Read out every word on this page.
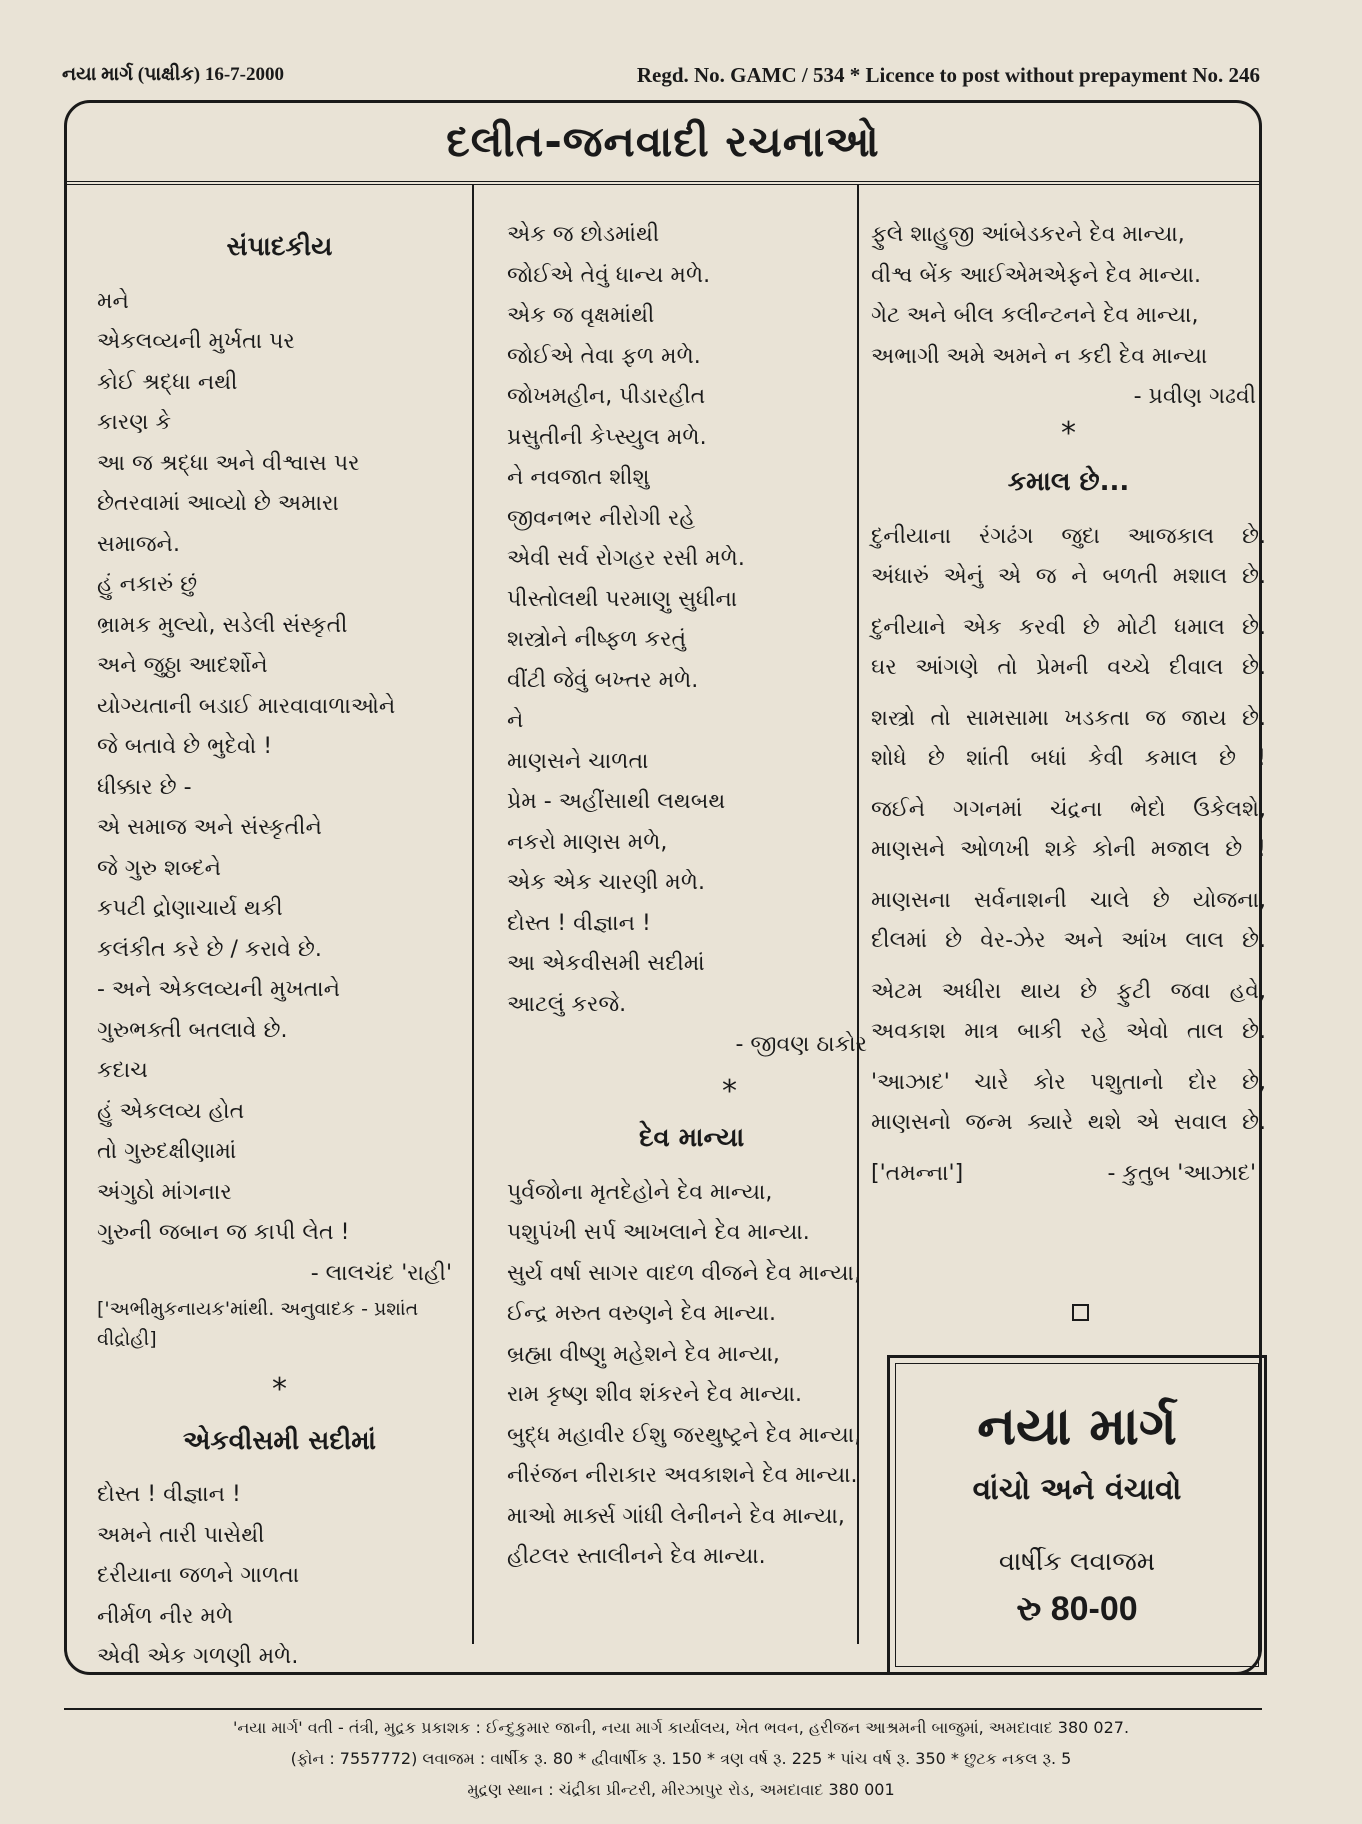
નયા માર્ગ (પાક્ષીક) 16-7-2000	Regd. No. GAMC / 534 * Licence to post without prepayment No. 246
દલીત-જનવાદી રચનાઓ
સંપાદકીય
મને
એકલવ્યની મુર્ખતા પર
કોઈ શ્રદ્ધા નથી
કારણ કે
આ જ શ્રદ્ધા અને વીશ્વાસ પર
છેતરવામાં આવ્યો છે અમારા
સમાજને.
હું નકારું છું
ભ્રામક મુલ્યો, સડેલી સંસ્કૃતી
અને જુઠ્ઠા આદર્શોને
યોગ્યતાની બડાઈ મારવાવાળાઓને
જે બતાવે છે ભુદેવો !
ધીક્કાર છે -
એ સમાજ અને સંસ્કૃતીને
જે ગુરુ શબ્દને
કપટી દ્રોણાચાર્ય થકી
કલંકીત કરે છે / કરાવે છે.
- અને એકલવ્યની મુખતાને
ગુરુભક્તી બતલાવે છે.
કદાચ
હું એકલવ્ય હોત
તો ગુરુદક્ષીણામાં
અંગુઠો માંગનાર
ગુરુની જબાન જ કાપી લેત !
- લાલચંદ 'રાહી'
['અભીમુકનાયક'માંથી. અનુવાદક - પ્રશાંત વીદ્રોહી]
*
એકવીસમી સદીમાં
દોસ્ત ! વીજ્ઞાન !
અમને તારી પાસેથી
દરીયાના જળને ગાળતા
નીર્મળ નીર મળે
એવી એક ગળણી મળે.
એક જ છોડમાંથી
જોઈએ તેવું ધાન્ય મળે.
એક જ વૃક્ષમાંથી
જોઈએ તેવા ફળ મળે.
જોખમહીન, પીડારહીત
પ્રસુતીની કેપ્સ્યુલ મળે.
ને નવજાત શીશુ
જીવનભર નીરોગી રહે
એવી સર્વ રોગહર રસી મળે.
પીસ્તોલથી પરમાણુ સુધીના
શસ્ત્રોને નીષ્ફળ કરતું
વીંટી જેવું બખ્તર મળે.
ને
માણસને ચાળતા
પ્રેમ - અહીંસાથી લથબથ
નકરો માણસ મળે,
એક એક ચારણી મળે.
દોસ્ત ! વીજ્ઞાન !
આ એકવીસમી સદીમાં
આટલું કરજે.
- જીવણ ઠાકોર
*
દેવ માન્યા
પુર્વજોના મૃતદેહોને દેવ માન્યા,
પશુપંખી સર્પ આખલાને દેવ માન્યા.
સુર્ય વર્ષા સાગર વાદળ વીજને દેવ માન્યા,
ઈન્દ્ર મરુત વરુણને દેવ માન્યા.
બ્રહ્મા વીષ્ણુ મહેશને દેવ માન્યા,
રામ કૃષ્ણ શીવ શંકરને દેવ માન્યા.
બુદ્ધ મહાવીર ઈશુ જરથુષ્ટ્રને દેવ માન્યા,
નીરંજન નીરાકાર અવકાશને દેવ માન્યા.
માઓ માર્ક્સ ગાંધી લેનીનને દેવ માન્યા,
હીટલર સ્તાલીનને દેવ માન્યા.
ફુલે શાહુજી આંબેડકરને દેવ માન્યા,
વીશ્વ બેંક આઈએમએફને દેવ માન્યા.
ગેટ અને બીલ કલીન્ટનને દેવ માન્યા,
અભાગી અમે અમને ન કદી દેવ માન્યા
- પ્રવીણ ગઢવી
*
કમાલ છે...
દુનીયાના રંગઢંગ જુદા આજકાલ છે.
અંધારું એનું એ જ ને બળતી મશાલ છે.
દુનીયાને એક કરવી છે મોટી ધમાલ છે.
ઘર આંગણે તો પ્રેમની વચ્ચે દીવાલ છે.
શસ્ત્રો તો સામસામા ખડકતા જ જાય છે.
શોધે છે શાંતી બધાં કેવી કમાલ છે !
જઈને ગગનમાં ચંદ્રના ભેદો ઉકેલશે,
માણસને ઓળખી શકે કોની મજાલ છે !
માણસના સર્વનાશની ચાલે છે યોજના,
દીલમાં છે વેર-ઝેર અને આંખ લાલ છે.
એટમ અધીરા થાય છે ફુટી જવા હવે,
અવકાશ માત્ર બાકી રહે એવો તાલ છે.
'આઝાદ' ચારે કોર પશુતાનો દોર છે,
માણસનો જન્મ ક્યારે થશે એ સવાલ છે.
['તમન્ના']	- કુતુબ 'આઝાદ'
નયા માર્ગ
વાંચો અને વંચાવો
વાર્ષીક લવાજમ
રુ 80-00
'નયા માર્ગ' વતી - તંત્રી, મુદ્રક પ્રકાશક : ઈન્દુકુમાર જાની, નયા માર્ગ કાર્યાલય, ખેત ભવન, હરીજન આશ્રમની બાજુમાં, અમદાવાદ 380 027.
(ફોન : 7557772) લવાજમ : વાર્ષીક રૂ. 80 * દ્વીવાર્ષીક રૂ. 150 * ત્રણ વર્ષ રૂ. 225 * પાંચ વર્ષ રૂ. 350 * છુટક નકલ રૂ. 5
મુદ્રણ સ્થાન : ચંદ્રીકા પ્રીન્ટરી, મીરઝાપુર રોડ, અમદાવાદ 380 001
